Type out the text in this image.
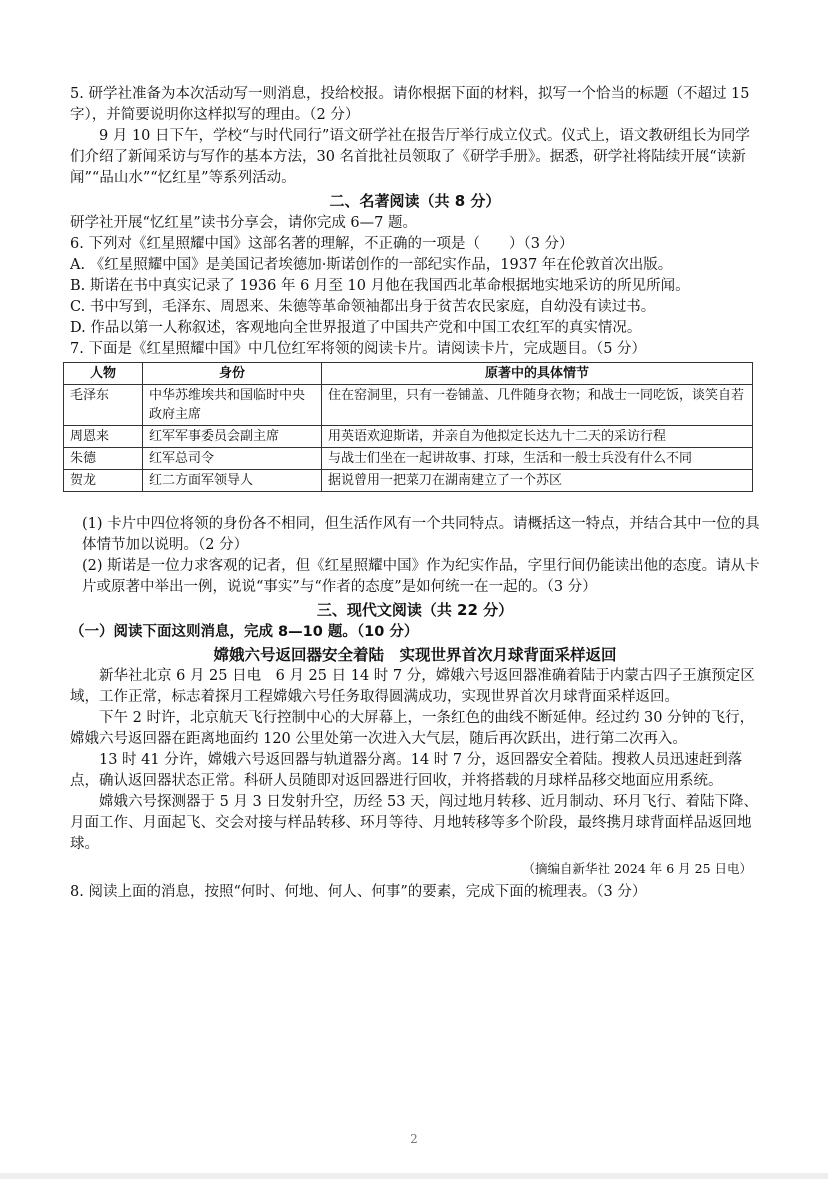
5. 研学社准备为本次活动写一则消息，投给校报。请你根据下面的材料，拟写一个恰当的标题（不超过 15 字），并简要说明你这样拟写的理由。（2 分）

9 月 10 日下午，学校“与时代同行”语文研学社在报告厅举行成立仪式。仪式上，语文教研组长为同学们介绍了新闻采访与写作的基本方法，30 名首批社员领取了《研学手册》。据悉，研学社将陆续开展“读新闻”“品山水”“忆红星”等系列活动。

二、名著阅读（共 8 分）

研学社开展“忆红星”读书分享会，请你完成 6—7 题。

6. 下列对《红星照耀中国》这部名著的理解，不正确的一项是（　　）（3 分）

A. 《红星照耀中国》是美国记者埃德加·斯诺创作的一部纪实作品，1937 年在伦敦首次出版。

B. 斯诺在书中真实记录了 1936 年 6 月至 10 月他在我国西北革命根据地实地采访的所见所闻。

C. 书中写到，毛泽东、周恩来、朱德等革命领袖都出身于贫苦农民家庭，自幼没有读过书。

D. 作品以第一人称叙述，客观地向全世界报道了中国共产党和中国工农红军的真实情况。

7. 下面是《红星照耀中国》中几位红军将领的阅读卡片。请阅读卡片，完成题目。（5 分）

人物	身份	原著中的具体情节
毛泽东	中华苏维埃共和国临时中央政府主席	住在窑洞里，只有一卷铺盖、几件随身衣物；和战士一同吃饭，谈笑自若
周恩来	红军军事委员会副主席	用英语欢迎斯诺，并亲自为他拟定长达九十二天的采访行程
朱德	红军总司令	与战士们坐在一起讲故事、打球，生活和一般士兵没有什么不同
贺龙	红二方面军领导人	据说曾用一把菜刀在湖南建立了一个苏区

(1) 卡片中四位将领的身份各不相同，但生活作风有一个共同特点。请概括这一特点，并结合其中一位的具体情节加以说明。（2 分）

(2) 斯诺是一位力求客观的记者，但《红星照耀中国》作为纪实作品，字里行间仍能读出他的态度。请从卡片或原著中举出一例，说说“事实”与“作者的态度”是如何统一在一起的。（3 分）

三、现代文阅读（共 22 分）

（一）阅读下面这则消息，完成 8—10 题。（10 分）

嫦娥六号返回器安全着陆　实现世界首次月球背面采样返回

新华社北京 6 月 25 日电　6 月 25 日 14 时 7 分，嫦娥六号返回器准确着陆于内蒙古四子王旗预定区域，工作正常，标志着探月工程嫦娥六号任务取得圆满成功，实现世界首次月球背面采样返回。

下午 2 时许，北京航天飞行控制中心的大屏幕上，一条红色的曲线不断延伸。经过约 30 分钟的飞行，嫦娥六号返回器在距离地面约 120 公里处第一次进入大气层，随后再次跃出，进行第二次再入。

13 时 41 分许，嫦娥六号返回器与轨道器分离。14 时 7 分，返回器安全着陆。搜救人员迅速赶到落点，确认返回器状态正常。科研人员随即对返回器进行回收，并将搭载的月球样品移交地面应用系统。

嫦娥六号探测器于 5 月 3 日发射升空，历经 53 天，闯过地月转移、近月制动、环月飞行、着陆下降、月面工作、月面起飞、交会对接与样品转移、环月等待、月地转移等多个阶段，最终携月球背面样品返回地球。

（摘编自新华社 2024 年 6 月 25 日电）

8. 阅读上面的消息，按照“何时、何地、何人、何事”的要素，完成下面的梳理表。（3 分）

2
